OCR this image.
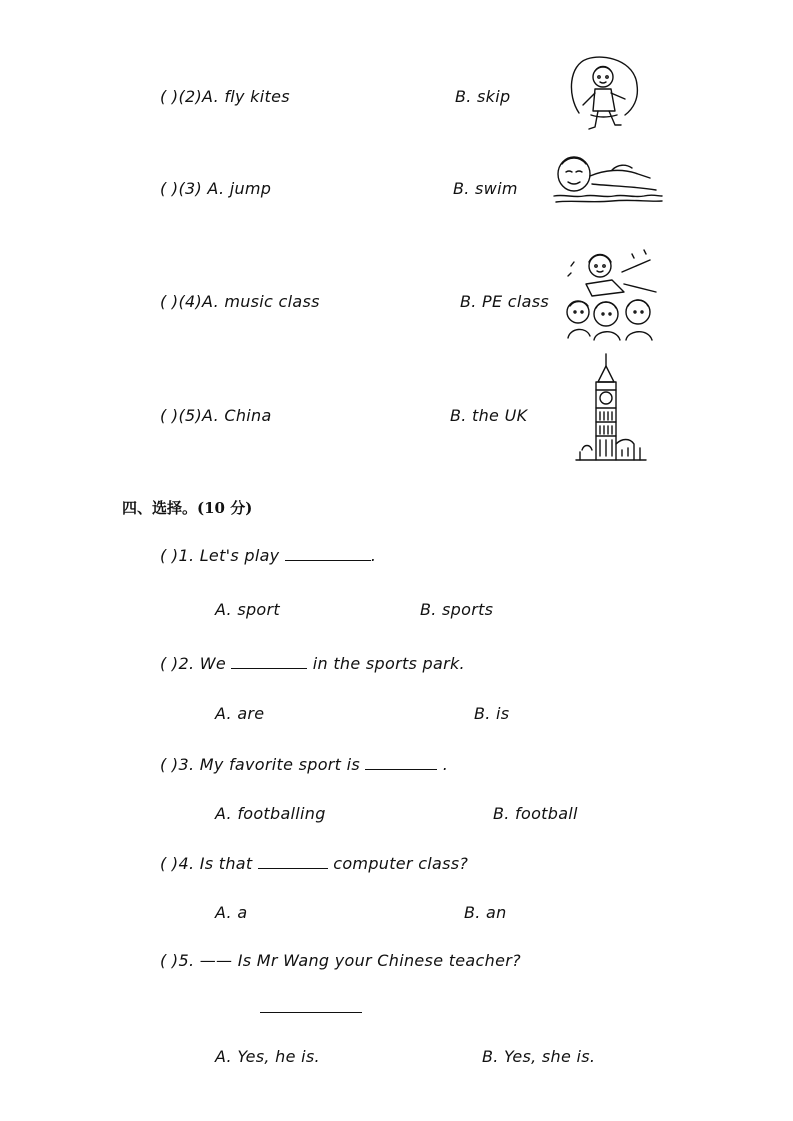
( )(2)A. fly kites	B. skip
( )(3) A. jump	B. swim
( )(4)A. music class	B. PE class
( )(5)A. China	B. the UK
四、选择。(10 分)
( )1. Let's play	.
A. sport	B. sports
( )2. We	in the sports park.
A. are	B. is
( )3. My favorite sport is	.
A. footballing	B. football
( )4. Is that	computer class?
A. a	B. an
( )5. —— Is Mr Wang your Chinese teacher?
A. Yes, he is.	B. Yes, she is.
